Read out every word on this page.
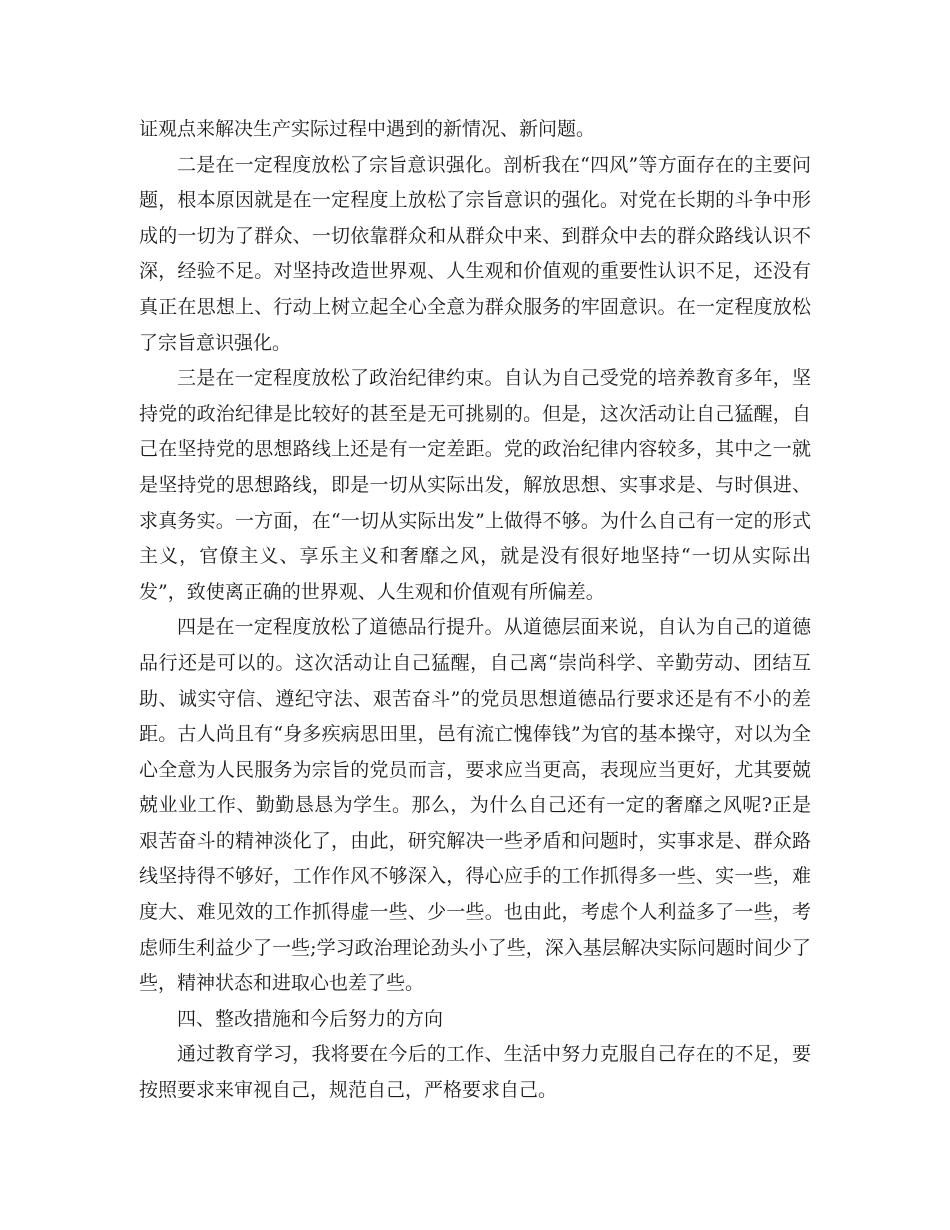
证观点来解决生产实际过程中遇到的新情况、新问题。

二是在一定程度放松了宗旨意识强化。剖析我在“四风”等方面存在的主要问题，根本原因就是在一定程度上放松了宗旨意识的强化。对党在长期的斗争中形成的一切为了群众、一切依靠群众和从群众中来、到群众中去的群众路线认识不深，经验不足。对坚持改造世界观、人生观和价值观的重要性认识不足，还没有真正在思想上、行动上树立起全心全意为群众服务的牢固意识。在一定程度放松了宗旨意识强化。

三是在一定程度放松了政治纪律约束。自认为自己受党的培养教育多年，坚持党的政治纪律是比较好的甚至是无可挑剔的。但是，这次活动让自己猛醒，自己在坚持党的思想路线上还是有一定差距。党的政治纪律内容较多，其中之一就是坚持党的思想路线，即是一切从实际出发，解放思想、实事求是、与时俱进、求真务实。一方面，在“一切从实际出发”上做得不够。为什么自己有一定的形式主义，官僚主义、享乐主义和奢靡之风，就是没有很好地坚持“一切从实际出发”，致使离正确的世界观、人生观和价值观有所偏差。

四是在一定程度放松了道德品行提升。从道德层面来说，自认为自己的道德品行还是可以的。这次活动让自己猛醒，自己离“崇尚科学、辛勤劳动、团结互助、诚实守信、遵纪守法、艰苦奋斗”的党员思想道德品行要求还是有不小的差距。古人尚且有“身多疾病思田里，邑有流亡愧俸钱”为官的基本操守，对以为全心全意为人民服务为宗旨的党员而言，要求应当更高，表现应当更好，尤其要兢兢业业工作、勤勤恳恳为学生。那么，为什么自己还有一定的奢靡之风呢?正是艰苦奋斗的精神淡化了，由此，研究解决一些矛盾和问题时，实事求是、群众路线坚持得不够好，工作作风不够深入，得心应手的工作抓得多一些、实一些，难度大、难见效的工作抓得虚一些、少一些。也由此，考虑个人利益多了一些，考虑师生利益少了一些;学习政治理论劲头小了些，深入基层解决实际问题时间少了些，精神状态和进取心也差了些。

四、整改措施和今后努力的方向

通过教育学习，我将要在今后的工作、生活中努力克服自己存在的不足，要按照要求来审视自己，规范自己，严格要求自己。
